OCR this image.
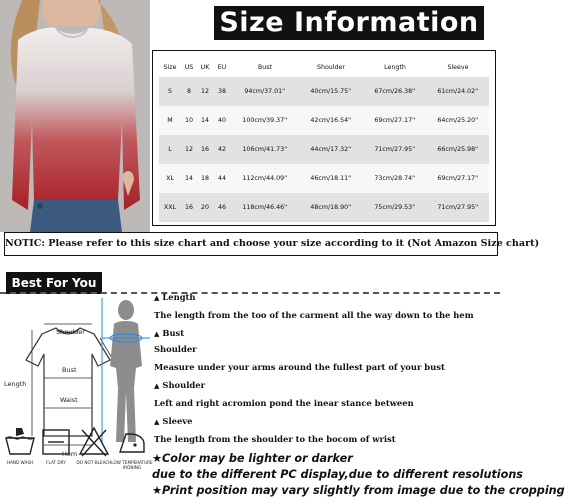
Size Information
Size	US	UK	EU	Bust	Shoulder	Length	Sleeve
S	8	12	38	94cm/37.01''	40cm/15.75''	67cm/26.38''	61cm/24.02''
M	10	14	40	100cm/39.37''	42cm/16.54''	69cm/27.17''	64cm/25.20''
L	12	16	42	106cm/41.73''	44cm/17.32''	71cm/27.95''	66cm/25.98''
XL	14	18	44	112cm/44.09''	46cm/18.11''	73cm/28.74''	69cm/27.17''
XXL	16	20	46	118cm/46.46''	48cm/18.90''	75cm/29.53''	71cm/27.95''
NOTIC: Please refer to this size chart and choose your size according to it (Not Amazon Size chart)
Best For You
Shoulder
Bust
Waist
Length
Hem
▲ Length
The length from the too of the carment all the way down to the hem
▲ Bust
Shoulder
Measure under your arms around the fullest part of your bust
▲ Shoulder
Left and right acromion pond the inear stance between
▲ Sleeve
The length from the shoulder to the bocom of wrist
★Color may be lighter or darker
due to the different PC display,due to different resolutions
★Print position may vary slightly from image due to the cropping
HAND WASH	FLAT DRY	DO NOT BLEACH LOW TEMPERATURE IRONING
